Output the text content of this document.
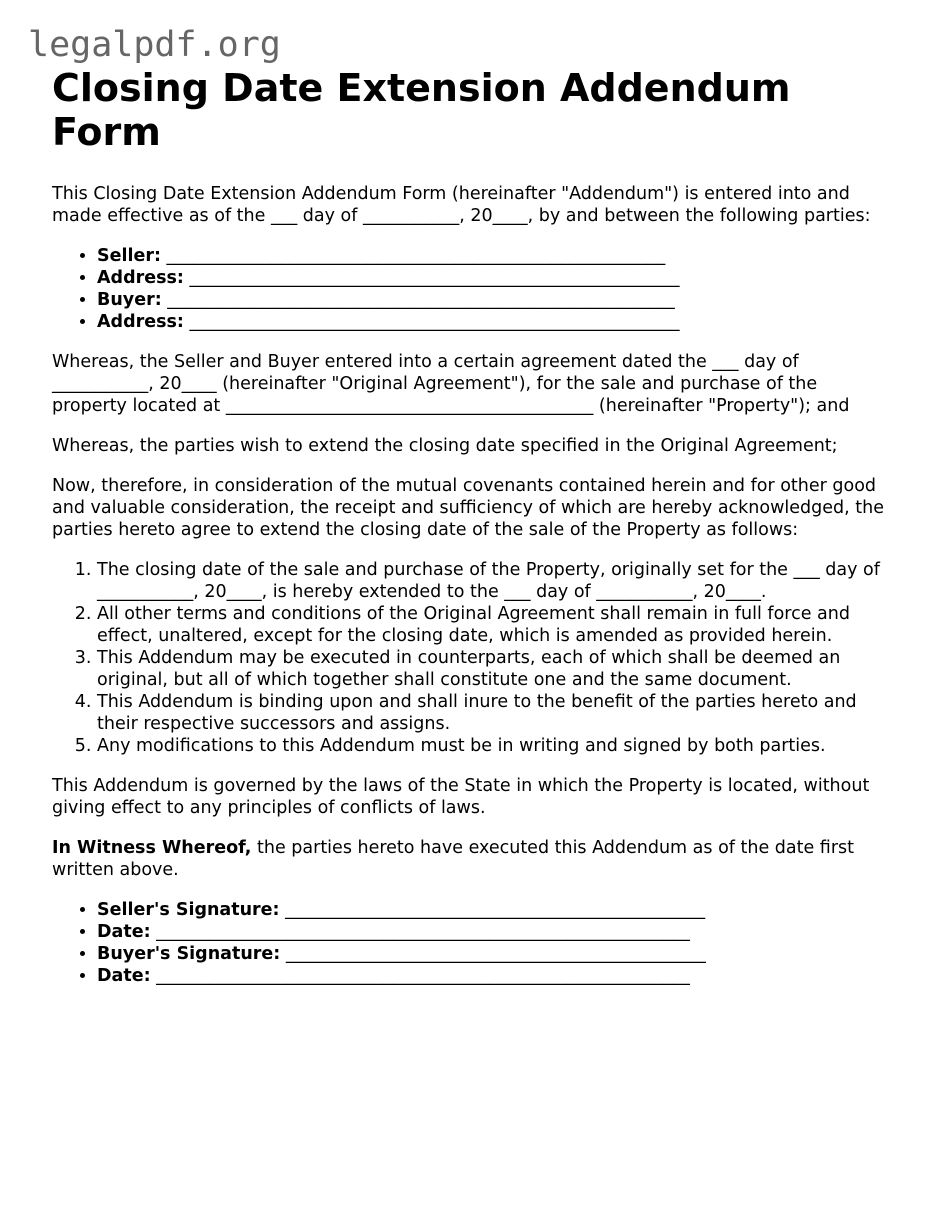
legalpdf.org
Closing Date Extension Addendum Form

This Closing Date Extension Addendum Form (hereinafter "Addendum") is entered into and made effective as of the ___ day of ___________, 20____, by and between the following parties:

• Seller: _________________________________________________________
• Address: ________________________________________________________
• Buyer: __________________________________________________________
• Address: ________________________________________________________

Whereas, the Seller and Buyer entered into a certain agreement dated the ___ day of ___________, 20____ (hereinafter "Original Agreement"), for the sale and purchase of the property located at __________________________________________ (hereinafter "Property"); and

Whereas, the parties wish to extend the closing date specified in the Original Agreement;

Now, therefore, in consideration of the mutual covenants contained herein and for other good and valuable consideration, the receipt and sufficiency of which are hereby acknowledged, the parties hereto agree to extend the closing date of the sale of the Property as follows:

1. The closing date of the sale and purchase of the Property, originally set for the ___ day of ___________, 20____, is hereby extended to the ___ day of ___________, 20____.
2. All other terms and conditions of the Original Agreement shall remain in full force and effect, unaltered, except for the closing date, which is amended as provided herein.
3. This Addendum may be executed in counterparts, each of which shall be deemed an original, but all of which together shall constitute one and the same document.
4. This Addendum is binding upon and shall inure to the benefit of the parties hereto and their respective successors and assigns.
5. Any modifications to this Addendum must be in writing and signed by both parties.

This Addendum is governed by the laws of the State in which the Property is located, without giving effect to any principles of conflicts of laws.

In Witness Whereof, the parties hereto have executed this Addendum as of the date first written above.

• Seller's Signature: ________________________________________________
• Date: _____________________________________________________________
• Buyer's Signature: ________________________________________________
• Date: _____________________________________________________________
